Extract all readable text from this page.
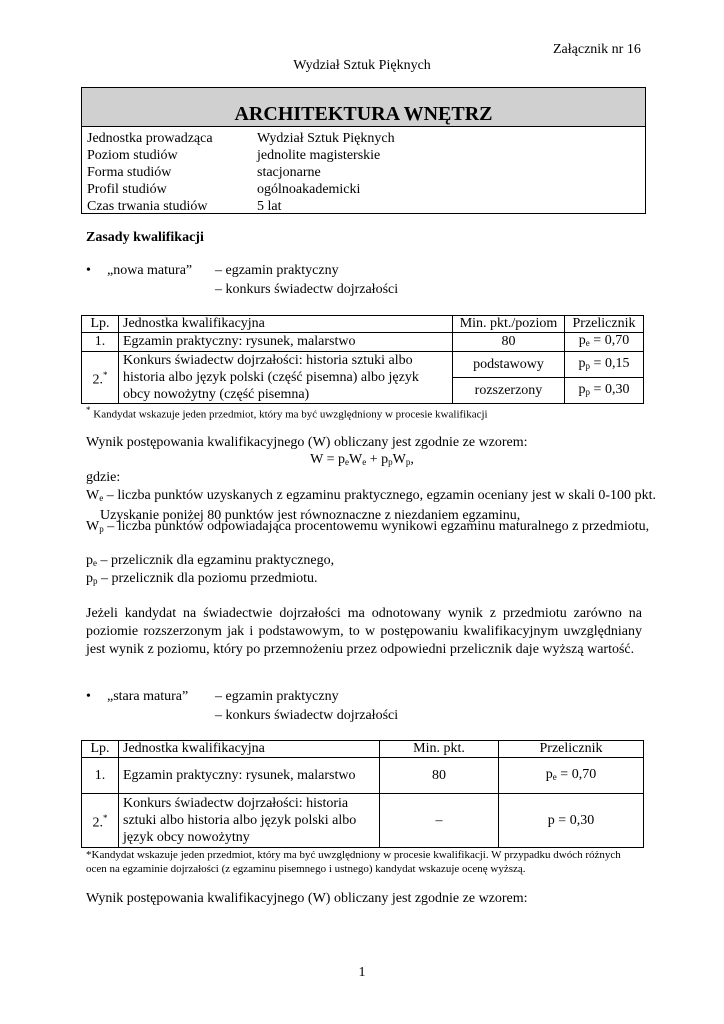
Załącznik nr 16
Wydział Sztuk Pięknych
ARCHITEKTURA WNĘTRZ
Jednostka prowadząca	Wydział Sztuk Pięknych
Poziom studiów	jednolite magisterskie
Forma studiów	stacjonarne
Profil studiów	ogólnoakademicki
Czas trwania studiów	5 lat
Zasady kwalifikacji
• „nowa matura” – egzamin praktyczny
– konkurs świadectw dojrzałości
Lp.	Jednostka kwalifikacyjna	Min. pkt./poziom	Przelicznik
1.	Egzamin praktyczny: rysunek, malarstwo	80	$p_e = 0,70$
2.*	Konkurs świadectw dojrzałości: historia sztuki albo historia albo język polski (część pisemna) albo język obcy nowożytny (część pisemna)	podstawowy	$p_p = 0,15$
		rozszerzony	$p_p = 0,30$
* Kandydat wskazuje jeden przedmiot, który ma być uwzględniony w procesie kwalifikacji
Wynik postępowania kwalifikacyjnego (W) obliczany jest zgodnie ze wzorem:
$W = p_eW_e + p_pW_p$,
gdzie:
$W_e$ – liczba punktów uzyskanych z egzaminu praktycznego, egzamin oceniany jest w skali 0-100 pkt. Uzyskanie poniżej 80 punktów jest równoznaczne z niezdaniem egzaminu,
$W_p$ – liczba punktów odpowiadająca procentowemu wynikowi egzaminu maturalnego z przedmiotu,
$p_e$ – przelicznik dla egzaminu praktycznego,
$p_p$ – przelicznik dla poziomu przedmiotu.
Jeżeli kandydat na świadectwie dojrzałości ma odnotowany wynik z przedmiotu zarówno na poziomie rozszerzonym jak i podstawowym, to w postępowaniu kwalifikacyjnym uwzględniany jest wynik z poziomu, który po przemnożeniu przez odpowiedni przelicznik daje wyższą wartość.
• „stara matura” – egzamin praktyczny
– konkurs świadectw dojrzałości
Lp.	Jednostka kwalifikacyjna	Min. pkt.	Przelicznik
1.	Egzamin praktyczny: rysunek, malarstwo	80	$p_e = 0,70$
2.*	Konkurs świadectw dojrzałości: historia sztuki albo historia albo język polski albo język obcy nowożytny	–	p = 0,30
*Kandydat wskazuje jeden przedmiot, który ma być uwzględniony w procesie kwalifikacji. W przypadku dwóch różnych ocen na egzaminie dojrzałości (z egzaminu pisemnego i ustnego) kandydat wskazuje ocenę wyższą.
Wynik postępowania kwalifikacyjnego (W) obliczany jest zgodnie ze wzorem:
1
